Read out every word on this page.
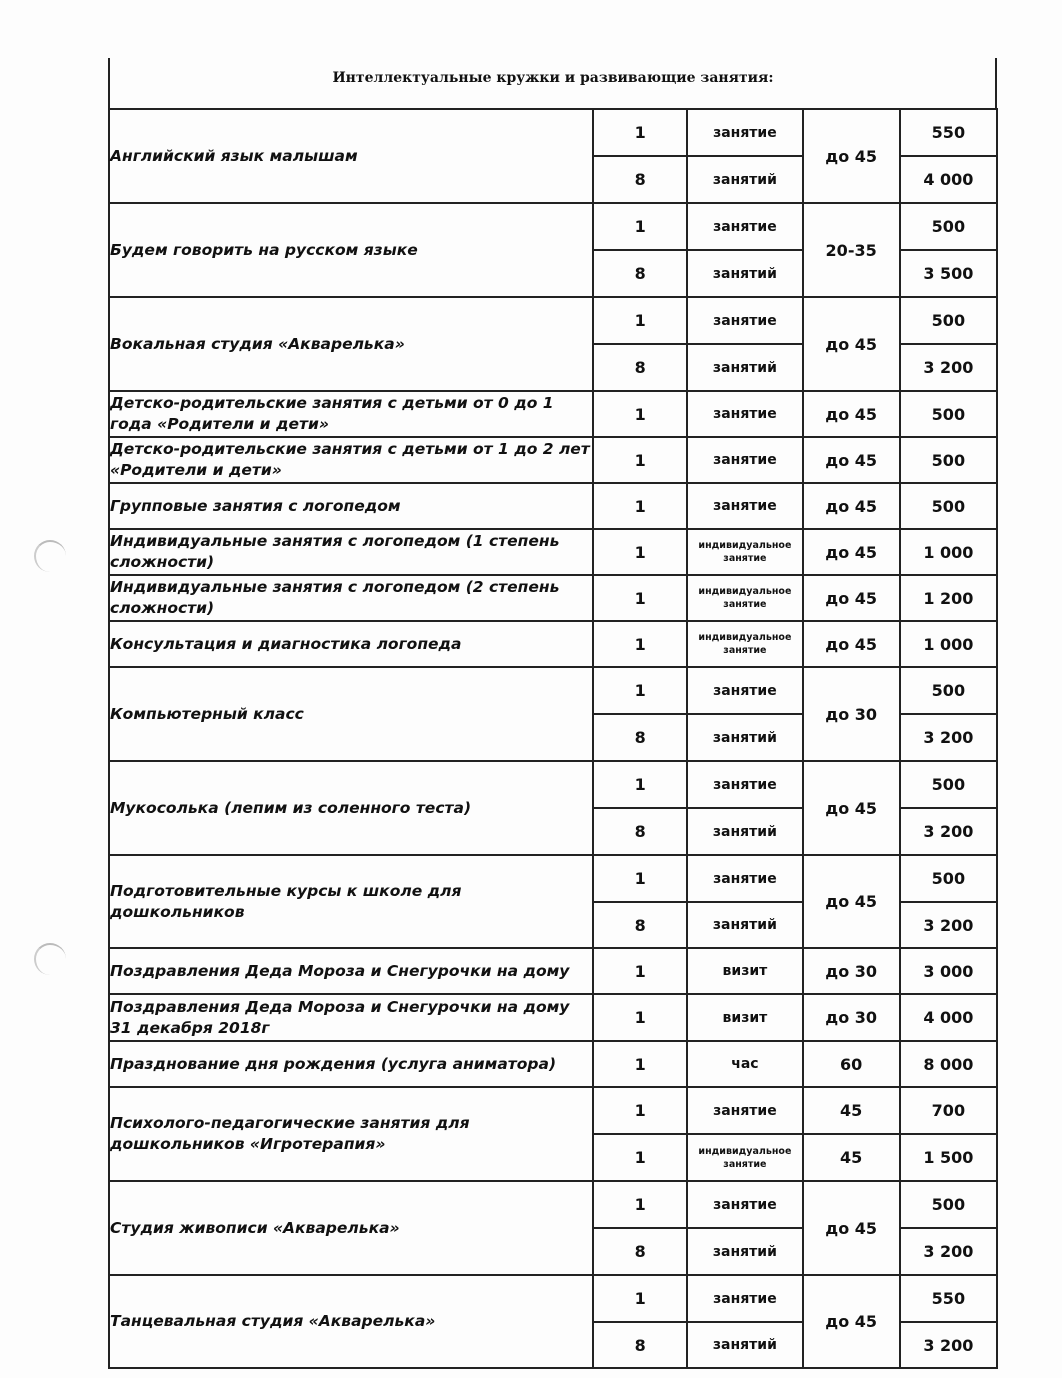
Интеллектуальные кружки и развивающие занятия:
Английский язык малышам	1	занятие	до 45	550
	8	занятий		4 000
Будем говорить на русском языке	1	занятие	20-35	500
	8	занятий		3 500
Вокальная студия «Акварелька»	1	занятие	до 45	500
	8	занятий		3 200
Детско-родительские занятия с детьми от 0 до 1 года «Родители и дети»	1	занятие	до 45	500
Детско-родительские занятия с детьми от 1 до 2 лет «Родители и дети»	1	занятие	до 45	500
Групповые занятия с логопедом	1	занятие	до 45	500
Индивидуальные занятия с логопедом (1 степень сложности)	1	индивидуальное занятие	до 45	1 000
Индивидуальные занятия с логопедом (2 степень сложности)	1	индивидуальное занятие	до 45	1 200
Консультация и диагностика логопеда	1	индивидуальное занятие	до 45	1 000
Компьютерный класс	1	занятие	до 30	500
	8	занятий		3 200
Мукосолька (лепим из соленного теста)	1	занятие	до 45	500
	8	занятий		3 200
Подготовительные курсы к школе для дошкольников	1	занятие	до 45	500
	8	занятий		3 200
Поздравления Деда Мороза и Снегурочки на дому	1	визит	до 30	3 000
Поздравления Деда Мороза и Снегурочки на дому 31 декабря 2018г	1	визит	до 30	4 000
Празднование дня рождения (услуга аниматора)	1	час	60	8 000
Психолого-педагогические занятия для дошкольников «Игротерапия»	1	занятие	45	700
	1	индивидуальное занятие	45	1 500
Студия живописи «Акварелька»	1	занятие	до 45	500
	8	занятий		3 200
Танцевальная студия «Акварелька»	1	занятие	до 45	550
	8	занятий		3 200
